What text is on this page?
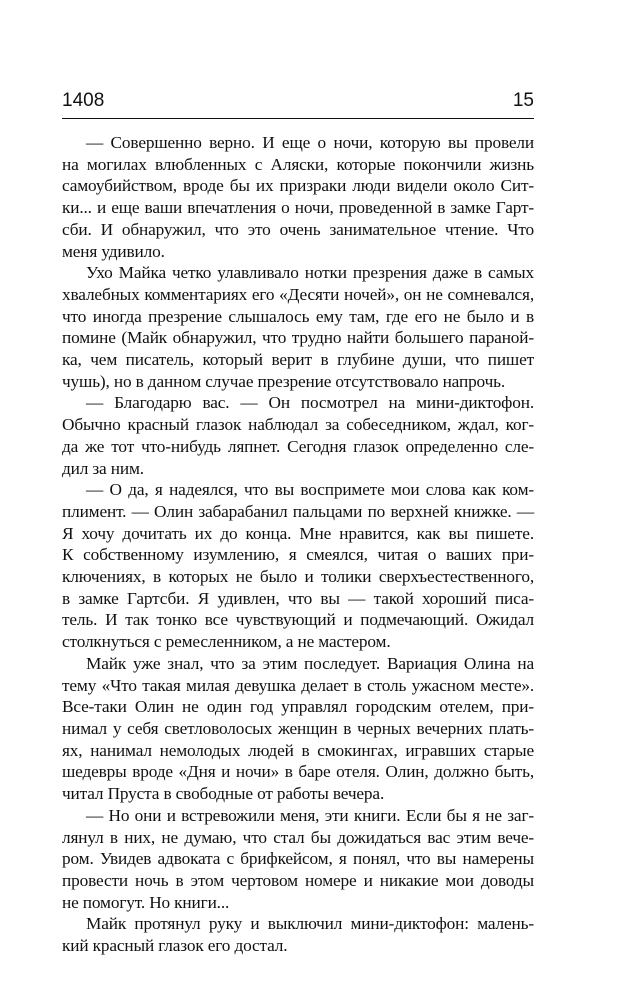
1408	15
— Совершенно верно. И еще о ночи, которую вы провели
на могилах влюбленных с Аляски, которые покончили жизнь
самоубийством, вроде бы их призраки люди видели около Сит-
ки... и еще ваши впечатления о ночи, проведенной в замке Гарт-
сби. И обнаружил, что это очень занимательное чтение. Что
меня удивило.
Ухо Майка четко улавливало нотки презрения даже в самых
хвалебных комментариях его «Десяти ночей», он не сомневался,
что иногда презрение слышалось ему там, где его не было и в
помине (Майк обнаружил, что трудно найти большего параной-
ка, чем писатель, который верит в глубине души, что пишет
чушь), но в данном случае презрение отсутствовало напрочь.
— Благодарю вас. — Он посмотрел на мини-диктофон.
Обычно красный глазок наблюдал за собеседником, ждал, ког-
да же тот что-нибудь ляпнет. Сегодня глазок определенно сле-
дил за ним.
— О да, я надеялся, что вы воспримете мои слова как ком-
плимент. — Олин забарабанил пальцами по верхней книжке. —
Я хочу дочитать их до конца. Мне нравится, как вы пишете.
К собственному изумлению, я смеялся, читая о ваших при-
ключениях, в которых не было и толики сверхъестественного,
в замке Гартсби. Я удивлен, что вы — такой хороший писа-
тель. И так тонко все чувствующий и подмечающий. Ожидал
столкнуться с ремесленником, а не мастером.
Майк уже знал, что за этим последует. Вариация Олина на
тему «Что такая милая девушка делает в столь ужасном месте».
Все-таки Олин не один год управлял городским отелем, при-
нимал у себя светловолосых женщин в черных вечерних плать-
ях, нанимал немолодых людей в смокингах, игравших старые
шедевры вроде «Дня и ночи» в баре отеля. Олин, должно быть,
читал Пруста в свободные от работы вечера.
— Но они и встревожили меня, эти книги. Если бы я не заг-
лянул в них, не думаю, что стал бы дожидаться вас этим вече-
ром. Увидев адвоката с брифкейсом, я понял, что вы намерены
провести ночь в этом чертовом номере и никакие мои доводы
не помогут. Но книги...
Майк протянул руку и выключил мини-диктофон: малень-
кий красный глазок его достал.
